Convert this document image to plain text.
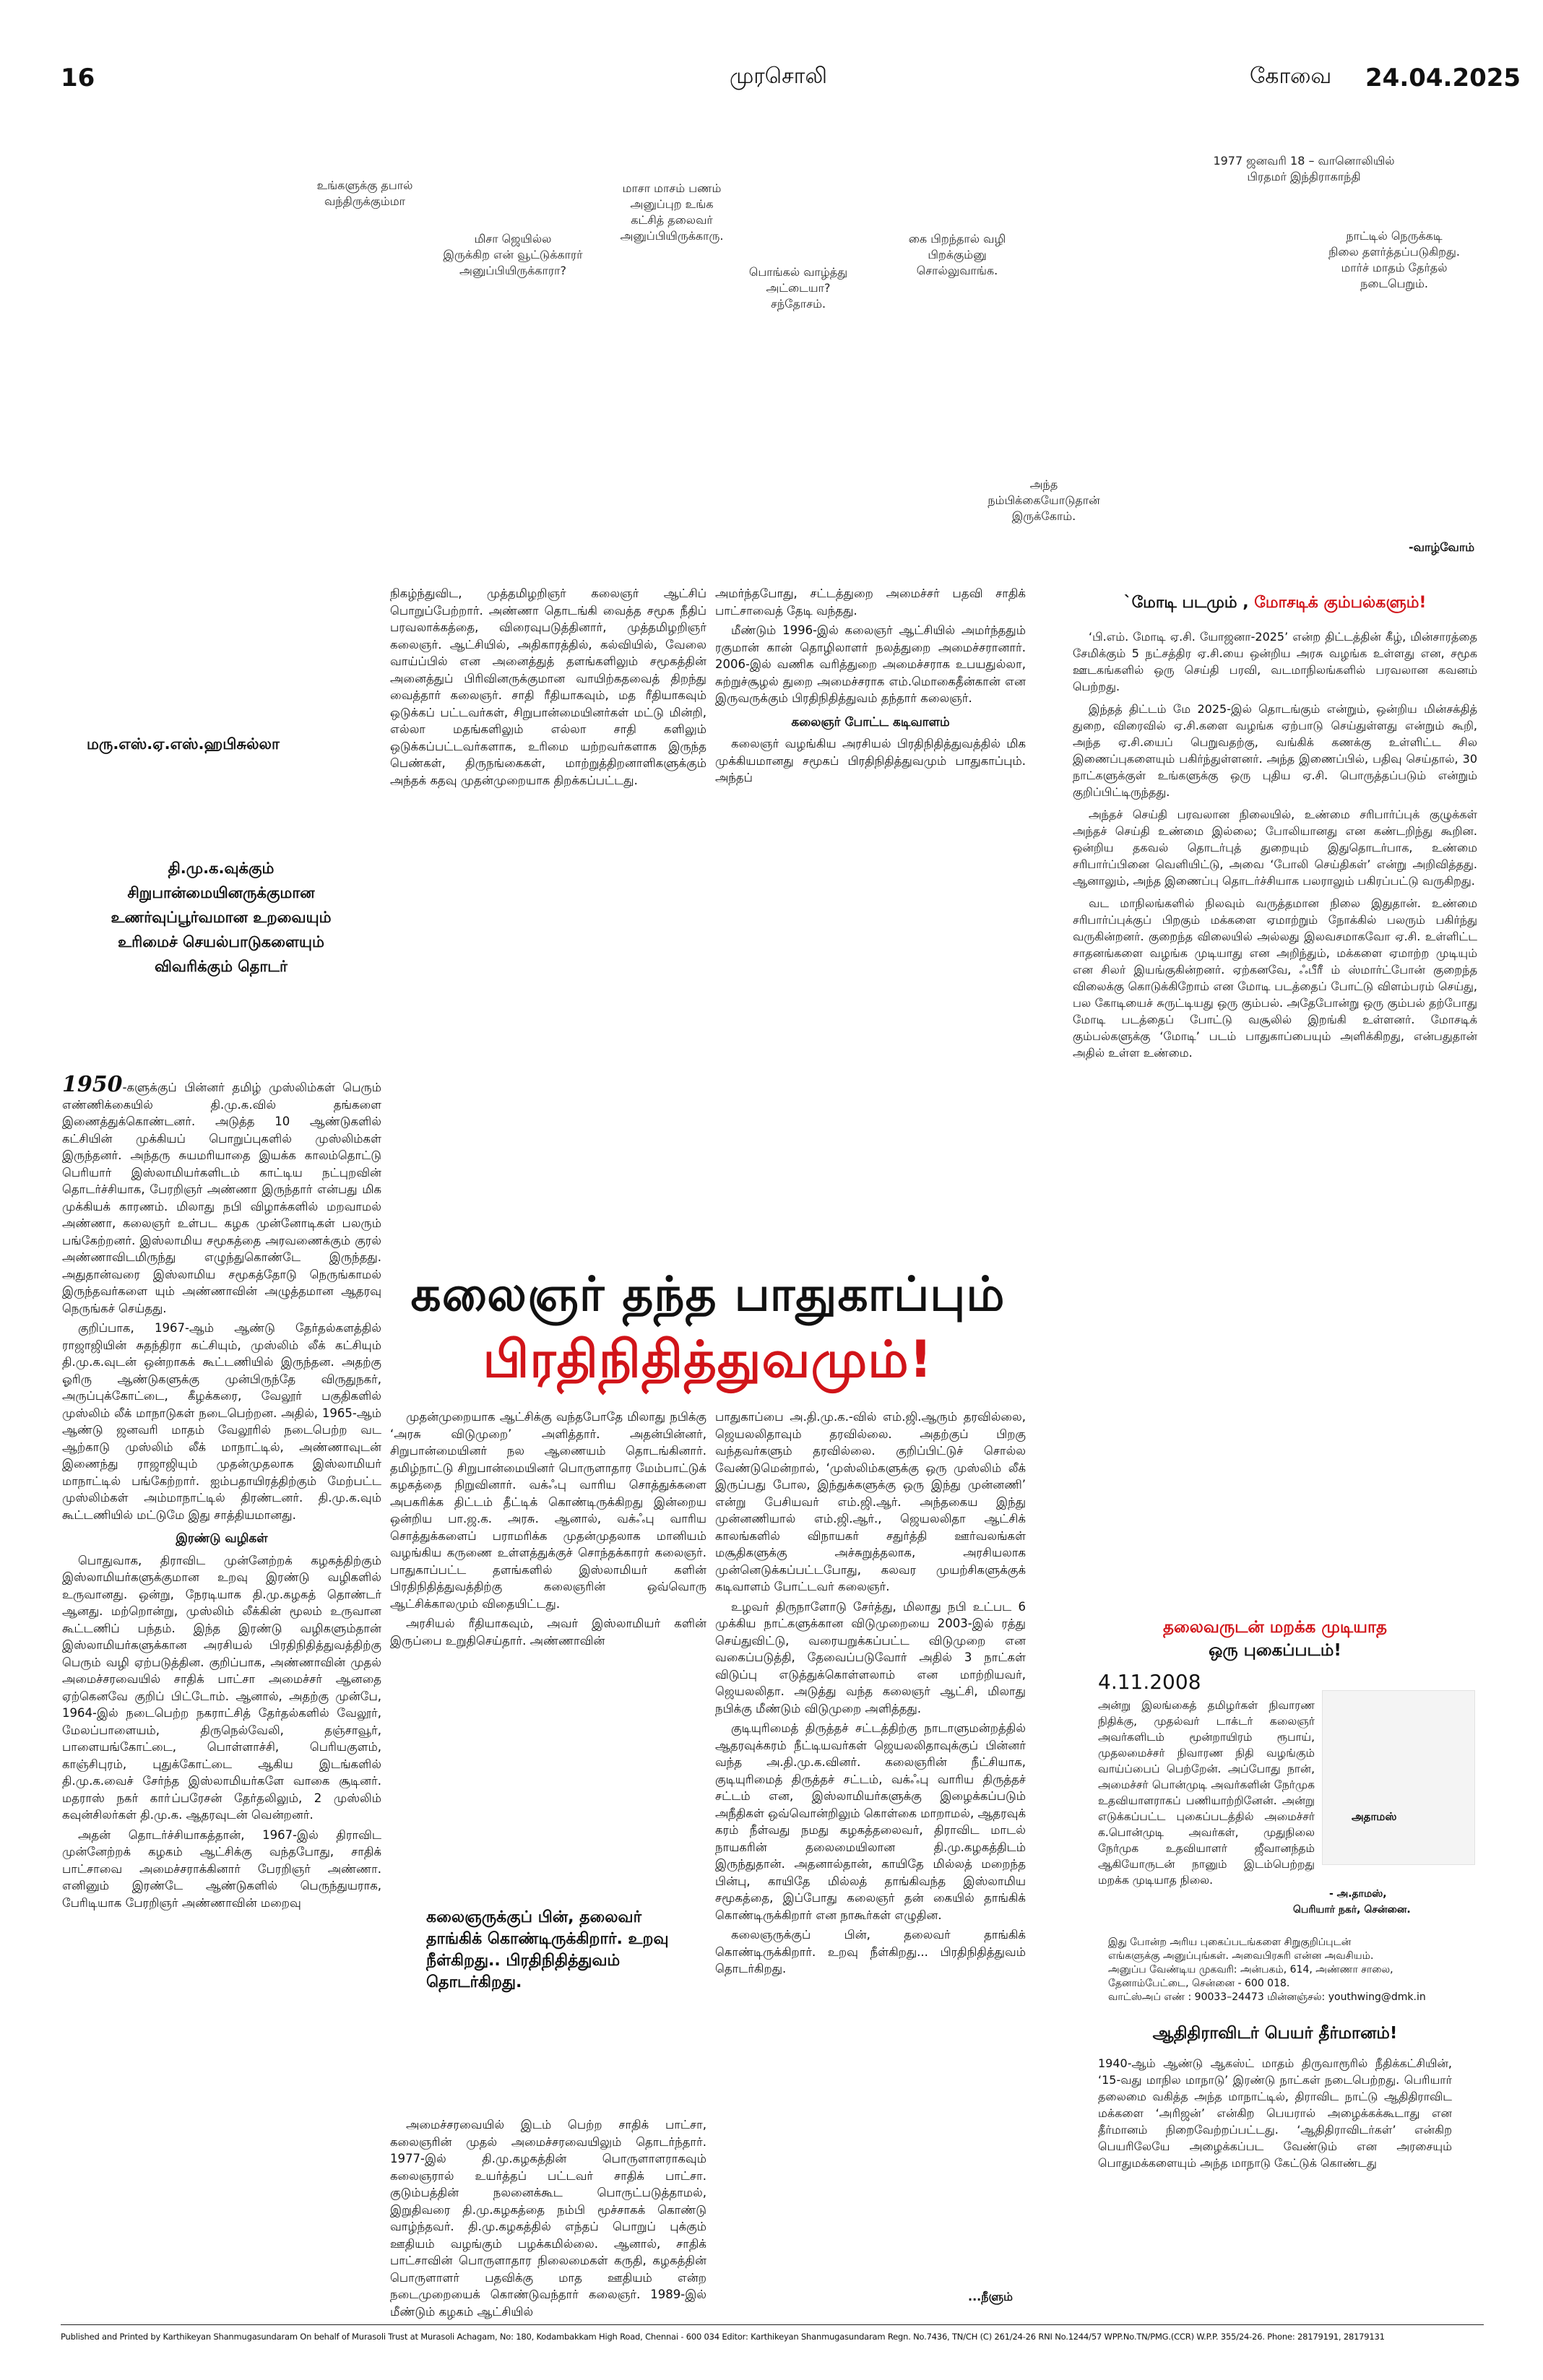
16	முரசொலி	கோவை 24.04.2025
உங்களுக்கு தபால்
வந்திருக்கும்மா
மிசா ஜெயில்ல
இருக்கிற என் வூட்டுக்காரர்
அனுப்பியிருக்காரா?
மாசா மாசம் பணம்
அனுப்புற உங்க
கட்சித் தலைவர்
அனுப்பியிருக்காரு.
பொங்கல் வாழ்த்து
அட்டையா?
சந்தோசம்.
கை பிறந்தால் வழி
பிறக்கும்னு
சொல்லுவாங்க.
1977 ஜனவரி 18 – வானொலியில்
பிரதமர் இந்திராகாந்தி
நாட்டில் நெருக்கடி
நிலை தளர்த்தப்படுகிறது.
மார்ச் மாதம் தேர்தல்
நடைபெறும்.
அந்த
நம்பிக்கையோடுதான்
இருக்கோம்.
-வாழ்வோம்
மரு.எஸ்.ஏ.எஸ்.ஹபிசுல்லா
தி.மு.க.வுக்கும்
சிறுபான்மையினருக்குமான
உணர்வுப்பூர்வமான உறவையும்
உரிமைச் செயல்பாடுகளையும்
விவரிக்கும் தொடர்

1950-களுக்குப் பின்னர் தமிழ் முஸ்லிம்கள் பெரும் எண்ணிக்கையில் தி.மு.க.வில் தங்களை இணைத்துக்கொண்டனர். அடுத்த 10 ஆண்டுகளில் கட்சியின் முக்கியப் பொறுப்புகளில் முஸ்லிம்கள் இருந்தனர். அந்தரு சுயமரியாதை இயக்க காலம்தொட்டு பெரியார் இஸ்லாமியர்களிடம் காட்டிய நட்புறவின் தொடர்ச்சியாக, பேரறிஞர் அண்ணா இருந்தார் என்பது மிக முக்கியக் காரணம். மிலாது நபி விழாக்களில் மறவாமல் அண்ணா, கலைஞர் உள்பட கழக முன்னோடிகள் பலரும் பங்கேற்றனர். இஸ்லாமிய சமூகத்தை அரவணைக்கும் குரல் அண்ணாவிடமிருந்து எழுந்துகொண்டே இருந்தது. அதுதான்வரை இஸ்லாமிய சமூகத்தோடு நெருங்காமல் இருந்தவர்களை யும் அண்ணாவின் அழுத்தமான ஆதரவு நெருங்கச் செய்தது.

குறிப்பாக, 1967-ஆம் ஆண்டு தேர்தல்களத்தில் ராஜாஜியின் சுதந்திரா கட்சியும், முஸ்லிம் லீக் கட்சியும் தி.மு.க.வுடன் ஒன்றாகக் கூட்டணியில் இருந்தன. அதற்கு ஓரிரு ஆண்டுகளுக்கு முன்பிருந்தே விருதுநகர், அருப்புக்கோட்டை, கீழக்கரை, வேலூர் பகுதிகளில் முஸ்லிம் லீக் மாநாடுகள் நடைபெற்றன. அதில், 1965-ஆம் ஆண்டு ஜனவரி மாதம் வேலூரில் நடைபெற்ற வட ஆற்காடு முஸ்லிம் லீக் மாநாட்டில், அண்ணாவுடன் இணைந்து ராஜாஜியும் முதன்முதலாக இஸ்லாமியர் மாநாட்டில் பங்கேற்றார். ஐம்பதாயிரத்திற்கும் மேற்பட்ட முஸ்லிம்கள் அம்மாநாட்டில் திரண்டனர். தி.மு.க.வும் கூட்டணியில் மட்டுமே இது சாத்தியமானது.

இரண்டு வழிகள்

பொதுவாக, திராவிட முன்னேற்றக் கழகத்திற்கும் இஸ்லாமியர்களுக்குமான உறவு இரண்டு வழிகளில் உருவானது. ஒன்று, நேரடியாக தி.மு.கழகத் தொண்டர் ஆனது. மற்றொன்று, முஸ்லிம் லீக்கின் மூலம் உருவான கூட்டணிப் பந்தம். இந்த இரண்டு வழிகளும்தான் இஸ்லாமியர்களுக்கான அரசியல் பிரதிநிதித்துவத்திற்கு பெரும் வழி ஏற்படுத்தின. குறிப்பாக, அண்ணாவின் முதல் அமைச்சரவையில் சாதிக் பாட்சா அமைச்சர் ஆனதை ஏற்கெனவே குறிப் பிட்டோம். ஆனால், அதற்கு முன்பே, 1964-இல் நடைபெற்ற நகராட்சித் தேர்தல்களில் வேலூர், மேலப்பாளையம், திருநெல்வேலி, தஞ்சாவூர், பாளையங்கோட்டை, பொள்ளாச்சி, பெரியகுளம், காஞ்சிபுரம், புதுக்கோட்டை ஆகிய இடங்களில் தி.மு.க.வைச் சேர்ந்த இஸ்லாமியர்களே வாகை சூடினர். மதராஸ் நகர் காா்ப்பரேசன் தேர்தலிலும், 2 முஸ்லிம் கவுன்சிலர்கள் தி.மு.க. ஆதரவுடன் வென்றனர்.

அதன் தொடர்ச்சியாகத்தான், 1967-இல் திராவிட முன்னேற்றக் கழகம் ஆட்சிக்கு வந்தபோது, சாதிக் பாட்சாவை அமைச்சராக்கினார் பேரறிஞர் அண்ணா. எனினும் இரண்டே ஆண்டுகளில் பெருந்துயராக, பேரிடியாக பேரறிஞர் அண்ணாவின் மறைவு

நிகழ்ந்துவிட, முத்தமிழறிஞர் கலைஞர் ஆட்சிப் பொறுப்பேற்றார். அண்ணா தொடங்கி வைத்த சமூக நீதிப் பரவலாக்கத்தை, விரைவுபடுத்தினார், முத்தமிழறிஞர் கலைஞர். ஆட்சியில், அதிகாரத்தில், கல்வியில், வேலை வாய்ப்பில் என அனைத்துத் தளங்களிலும் சமூகத்தின் அனைத்துப் பிரிவினருக்குமான வாயிற்கதவைத் திறந்து வைத்தார் கலைஞர். சாதி ரீதியாகவும், மத ரீதியாகவும் ஒடுக்கப் பட்டவர்கள், சிறுபான்மையினர்கள் மட்டு மின்றி, எல்லா மதங்களிலும் எல்லா சாதி களிலும் ஒடுக்கப்பட்டவர்களாக, உரிமை யற்றவர்களாக இருந்த பெண்கள், திருநங்கைகள், மாற்றுத்திறனாளிகளுக்கும் அந்தக் கதவு முதன்முறையாக திறக்கப்பட்டது.

அமர்ந்தபோது, சட்டத்துறை அமைச்சர் பதவி சாதிக் பாட்சாவைத் தேடி வந்தது.

மீண்டும் 1996-இல் கலைஞர் ஆட்சியில் அமர்ந்ததும் ரகுமான் கான் தொழிலாளர் நலத்துறை அமைச்சரானார். 2006-இல் வணிக வரித்துறை அமைச்சராக உபயதுல்லா, சுற்றுச்சூழல் துறை அமைச்சராக எம்.மொகைதீன்கான் என இருவருக்கும் பிரதிநிதித்துவம் தந்தார் கலைஞர்.

கலைஞர் போட்ட கடிவாளம்

கலைஞர் வழங்கிய அரசியல் பிரதிநிதித்துவத்தில் மிக முக்கியமானது சமூகப் பிரதிநிதித்துவமும் பாதுகாப்பும். அந்தப்

கலைஞர் தந்த பாதுகாப்பும்
பிரதிநிதித்துவமும்!

முதன்முறையாக ஆட்சிக்கு வந்தபோதே மிலாது நபிக்கு ‘அரசு விடுமுறை’ அளித்தார். அதன்பின்னர், சிறுபான்மையினர் நல ஆணையம் தொடங்கினார். தமிழ்நாட்டு சிறுபான்மையினர் பொருளாதார மேம்பாட்டுக் கழகத்தை நிறுவினார். வக்ஃபு வாரிய சொத்துக்களை அபகரிக்க திட்டம் தீட்டிக் கொண்டிருக்கிறது இன்றைய ஒன்றிய பா.ஜ.க. அரசு. ஆனால், வக்ஃபு வாரிய சொத்துக்களைப் பராமரிக்க முதன்முதலாக மானியம் வழங்கிய கருணை உள்ளத்துக்குச் சொந்தக்காரர் கலைஞர். பாதுகாப்பட்ட தளங்களில் இஸ்லாமியர் களின் பிரதிநிதித்துவத்திற்கு கலைஞரின் ஒவ்வொரு ஆட்சிக்காலமும் விதையிட்டது.

அரசியல் ரீதியாகவும், அவர் இஸ்லாமியர் களின் இருப்பை உறுதிசெய்தார். அண்ணாவின்

கலைஞருக்குப் பின், தலைவர்
தாங்கிக் கொண்டிருக்கிறார். உறவு
நீள்கிறது.. பிரதிநிதித்துவம்
தொடர்கிறது.

அமைச்சரவையில் இடம் பெற்ற சாதிக் பாட்சா, கலைஞரின் முதல் அமைச்சரவையிலும் தொடர்ந்தார். 1977-இல் தி.மு.கழகத்தின் பொருளாளராகவும் கலைஞரால் உயர்த்தப் பட்டவர் சாதிக் பாட்சா. குடும்பத்தின் நலனைக்கூட பொருட்படுத்தாமல், இறுதிவரை தி.மு.கழகத்தை நம்பி மூச்சாகக் கொண்டு வாழ்ந்தவர். தி.மு.கழகத்தில் எந்தப் பொறுப் புக்கும் ஊதியம் வழங்கும் பழக்கமில்லை. ஆனால், சாதிக் பாட்சாவின் பொருளாதார நிலைமைகள் கருதி, கழகத்தின் பொருளாளர் பதவிக்கு மாத ஊதியம் என்ற நடைமுறையைக் கொண்டுவந்தார் கலைஞர். 1989-இல் மீண்டும் கழகம் ஆட்சியில்

பாதுகாப்பை அ.தி.மு.க.-வில் எம்.ஜி.ஆரும் தரவில்லை, ஜெயலலிதாவும் தரவில்லை. அதற்குப் பிறகு வந்தவர்களும் தரவில்லை. குறிப்பிட்டுச் சொல்ல வேண்டுமென்றால், ‘முஸ்லிம்களுக்கு ஒரு முஸ்லிம் லீக் இருப்பது போல, இந்துக்களுக்கு ஒரு இந்து முன்னணி’ என்று பேசியவர் எம்.ஜி.ஆர். அந்தகைய இந்து முன்னணியால் எம்.ஜி.ஆர்., ஜெயலலிதா ஆட்சிக் காலங்களில் விநாயகர் சதுர்த்தி ஊர்வலங்கள் மசூதிகளுக்கு அச்சுறுத்தலாக, அரசியலாக முன்னெடுக்கப்பட்டபோது, கலவர முயற்சிகளுக்குக் கடிவாளம் போட்டவர் கலைஞர்.

உழவர் திருநாளோடு சேர்த்து, மிலாது நபி உட்பட 6 முக்கிய நாட்களுக்கான விடுமுறையை 2003-இல் ரத்து செய்துவிட்டு, வரையறுக்கப்பட்ட விடுமுறை என வகைப்படுத்தி, தேவைப்படுவோர் அதில் 3 நாட்கள் விடுப்பு எடுத்துக்கொள்ளலாம் என மாற்றியவர், ஜெயலலிதா. அடுத்து வந்த கலைஞர் ஆட்சி, மிலாது நபிக்கு மீண்டும் விடுமுறை அளித்தது.

குடியுரிமைத் திருத்தச் சட்டத்திற்கு நாடாளுமன்றத்தில் ஆதரவுக்கரம் நீட்டியவர்கள் ஜெயலலிதாவுக்குப் பின்னர் வந்த அ.தி.மு.க.வினர். கலைஞரின் நீட்சியாக, குடியுரிமைத் திருத்தச் சட்டம், வக்ஃபு வாரிய திருத்தச் சட்டம் என, இஸ்லாமியர்களுக்கு இழைக்கப்படும் அநீதிகள் ஒவ்வொன்றிலும் கொள்கை மாறாமல், ஆதரவுக் கரம் நீள்வது நமது கழகத்தலைவர், திராவிட மாடல் நாயகரின் தலைமையிலான தி.மு.கழகத்திடம் இருந்துதான். அதனால்தான், காயிதே மில்லத் மறைந்த பின்பு, காயிதே மில்லத் தாங்கிவந்த இஸ்லாமிய சமூகத்தை, இப்போது கலைஞர் தன் கையில் தாங்கிக் கொண்டிருக்கிறார் என நாகூர்கள் எழுதின.

கலைஞருக்குப் பின், தலைவர் தாங்கிக் கொண்டிருக்கிறார். உறவு நீள்கிறது... பிரதிநிதித்துவம் தொடர்கிறது.

...நீளும்
`மோடி படமும் , மோசடிக் கும்பல்களும்!

‘பி.எம். மோடி ஏ.சி. யோஜனா-2025’ என்ற திட்டத்தின் கீழ், மின்சாரத்தை சேமிக்கும் 5 நட்சத்திர ஏ.சி.யை ஒன்றிய அரசு வழங்க உள்ளது என, சமூக ஊடகங்களில் ஒரு செய்தி பரவி, வடமாநிலங்களில் பரவலான கவனம் பெற்றது.

இந்தத் திட்டம் மே 2025-இல் தொடங்கும் என்றும், ஒன்றிய மின்சக்தித் துறை, விரைவில் ஏ.சி.களை வழங்க ஏற்பாடு செய்துள்ளது என்றும் கூறி, அந்த ஏ.சி.யைப் பெறுவதற்கு, வங்கிக் கணக்கு உள்ளிட்ட சில இணைப்புகளையும் பகிர்ந்துள்ளனர். அந்த இணைப்பில், பதிவு செய்தால், 30 நாட்களுக்குள் உங்களுக்கு ஒரு புதிய ஏ.சி. பொருத்தப்படும் என்றும் குறிப்பிட்டிருந்தது.

அந்தச் செய்தி பரவலான நிலையில், உண்மை சரிபார்ப்புக் குழுக்கள் அந்தச் செய்தி உண்மை இல்லை; போலியானது என கண்டறிந்து கூறின. ஒன்றிய தகவல் தொடர்புத் துறையும் இதுதொடர்பாக, உண்மை சரிபார்ப்பினை வெளியிட்டு, அவை ‘போலி செய்திகள்’ என்று அறிவித்தது. ஆனாலும், அந்த இணைப்பு தொடர்ச்சியாக பலராலும் பகிரப்பட்டு வருகிறது.

வட மாநிலங்களில் நிலவும் வருத்தமான நிலை இதுதான். உண்மை சரிபார்ப்புக்குப் பிறகும் மக்களை ஏமாற்றும் நோக்கில் பலரும் பகிர்ந்து வருகின்றனர். குறைந்த விலையில் அல்லது இலவசமாகவோ ஏ.சி. உள்ளிட்ட சாதனங்களை வழங்க முடியாது என அறிந்தும், மக்களை ஏமாற்ற முடியும் என சிலர் இயங்குகின்றனர். ஏற்கனவே, ஃபீரீ ம் ஸ்மார்ட்போன் குறைந்த விலைக்கு கொடுக்கிறோம் என மோடி படத்தைப் போட்டு விளம்பரம் செய்து, பல கோடியைச் சுருட்டியது ஒரு கும்பல். அதேபோன்று ஒரு கும்பல் தற்போது மோடி படத்தைப் போட்டு வசூலில் இறங்கி உள்ளனர். மோசடிக் கும்பல்களுக்கு ‘மோடி’ படம் பாதுகாப்பையும் அளிக்கிறது, என்பதுதான் அதில் உள்ள உண்மை.

தலைவருடன் மறக்க முடியாத
ஒரு புகைப்படம்!
4.11.2008
அன்று இலங்கைத் தமிழர்கள் நிவாரண நிதிக்கு, முதல்வர் டாக்டர் கலைஞர் அவர்களிடம் மூன்றாயிரம் ரூபாய், முதலமைச்சர் நிவாரண நிதி வழங்கும் வாய்ப்பைப் பெற்றேன். அப்போது நான், அமைச்சர் பொன்முடி அவர்களின் நேர்முக உதவியாளராகப் பணியாற்றினேன். அன்று எடுக்கப்பட்ட புகைப்படத்தில் அமைச்சர் க.பொன்முடி அவர்கள், முதுநிலை நேர்முக உதவியாளர் ஜீவானந்தம் ஆகியோருடன் நானும் இடம்பெற்றது மறக்க முடியாத நிலை.
அதாமஸ்
- அ.தாமஸ்,
பெரியார் நகர், சென்னை.
இது போன்ற அரிய புகைப்படங்களை சிறுகுறிப்புடன்
எங்களுக்கு அனுப்புங்கள். அவைபிரசுரி என்ன அவசியம்.
அனுப்ப வேண்டிய முகவரி: அன்பகம், 614, அண்ணா சாலை,
தேனாம்பேட்டை, சென்னை - 600 018.
வாட்ஸ்அப் எண் : 90033–24473 மின்னஞ்சல்: youthwing@dmk.in
ஆதிதிராவிடர் பெயர் தீர்மானம்!

1940-ஆம் ஆண்டு ஆகஸ்ட் மாதம் திருவாரூரில் நீதிக்கட்சியின், ‘15-வது மாநில மாநாடு’ இரண்டு நாட்கள் நடைபெற்றது. பெரியார் தலைமை வகித்த அந்த மாநாட்டில், திராவிட நாட்டு ஆதிதிராவிட மக்களை ‘அரிஜன்’ என்கிற பெயரால் அழைக்கக்கூடாது என தீர்மானம் நிறைவேற்றப்பட்டது. ‘ஆதிதிராவிடர்கள்’ என்கிற பெயரிலேயே அழைக்கப்பட வேண்டும் என அரசையும் பொதுமக்களையும் அந்த மாநாடு கேட்டுக் கொண்டது

Published and Printed by Karthikeyan Shanmugasundaram On behalf of Murasoli Trust at Murasoli Achagam, No: 180, Kodambakkam High Road, Chennai - 600 034 Editor: Karthikeyan Shanmugasundaram Regn. No.7436, TN/CH (C) 261/24-26 RNI No.1244/57 WPP.No.TN/PMG.(CCR) W.P.P. 355/24-26. Phone: 28179191, 28179131
